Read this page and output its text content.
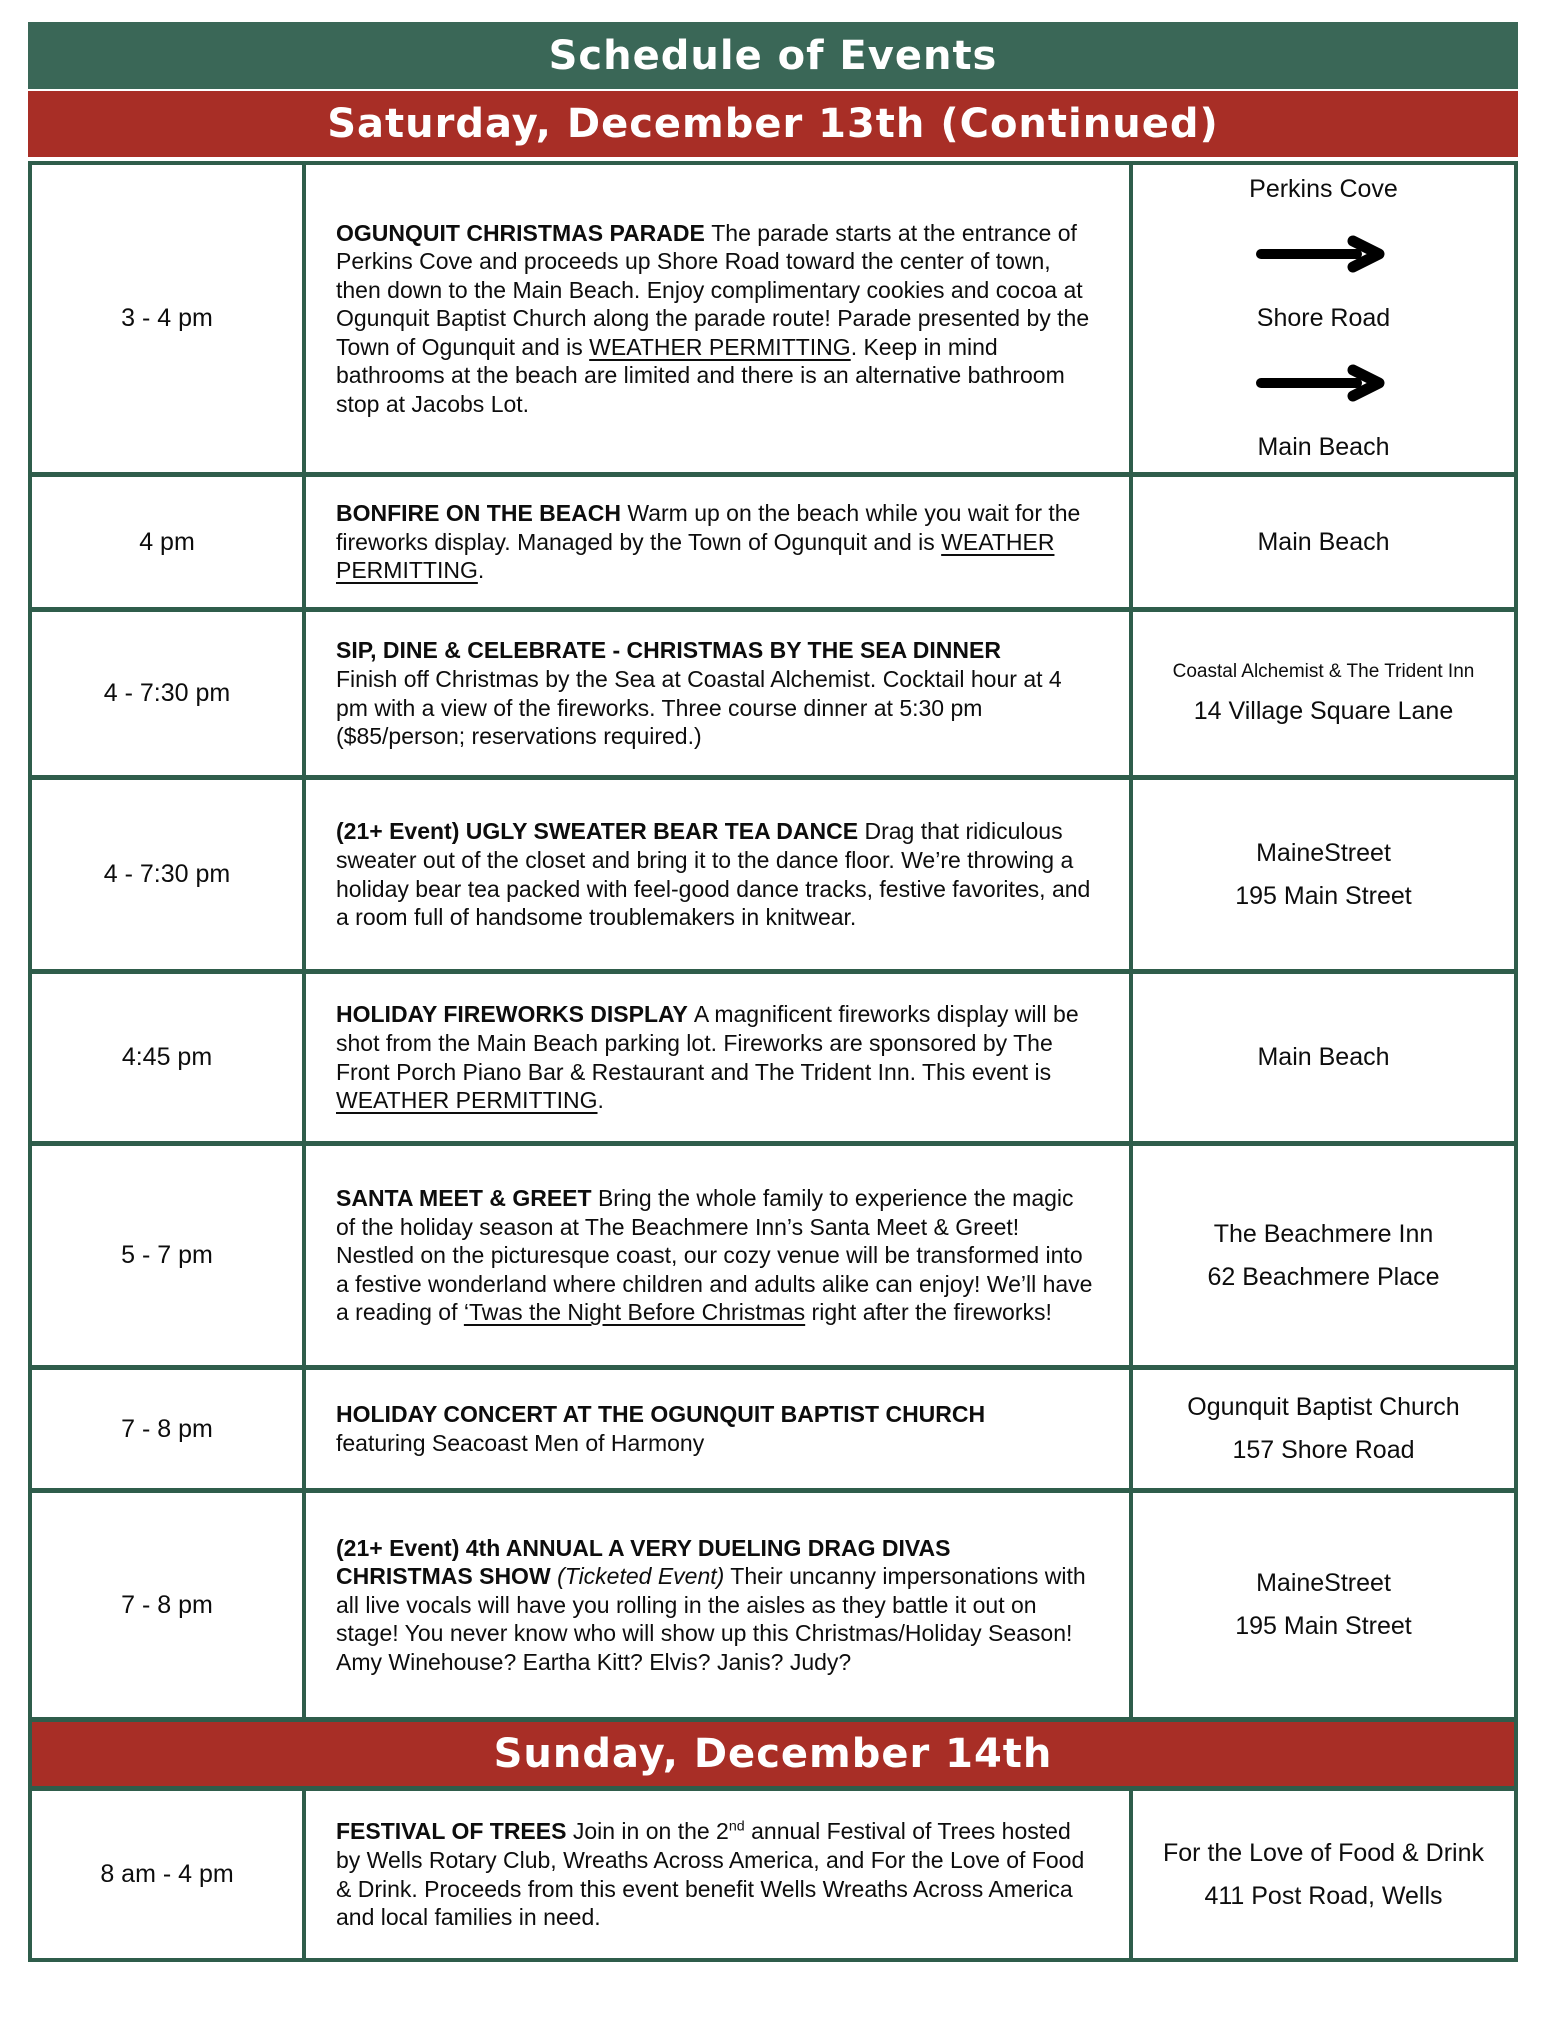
Schedule of Events
Saturday, December 13th (Continued)
3 - 4 pm
OGUNQUIT CHRISTMAS PARADE The parade starts at the entrance of Perkins Cove and proceeds up Shore Road toward the center of town, then down to the Main Beach. Enjoy complimentary cookies and cocoa at Ogunquit Baptist Church along the parade route! Parade presented by the Town of Ogunquit and is WEATHER PERMITTING. Keep in mind bathrooms at the beach are limited and there is an alternative bathroom stop at Jacobs Lot.
Perkins Cove
Shore Road
Main Beach
4 pm
BONFIRE ON THE BEACH Warm up on the beach while you wait for the fireworks display. Managed by the Town of Ogunquit and is WEATHER PERMITTING.
Main Beach
4 - 7:30 pm
SIP, DINE & CELEBRATE - CHRISTMAS BY THE SEA DINNER
Finish off Christmas by the Sea at Coastal Alchemist. Cocktail hour at 4 pm with a view of the fireworks. Three course dinner at 5:30 pm ($85/person; reservations required.)
Coastal Alchemist & The Trident Inn
14 Village Square Lane
4 - 7:30 pm
(21+ Event) UGLY SWEATER BEAR TEA DANCE Drag that ridiculous sweater out of the closet and bring it to the dance floor. We’re throwing a holiday bear tea packed with feel-good dance tracks, festive favorites, and a room full of handsome troublemakers in knitwear.
MaineStreet
195 Main Street
4:45 pm
HOLIDAY FIREWORKS DISPLAY A magnificent fireworks display will be shot from the Main Beach parking lot. Fireworks are sponsored by The Front Porch Piano Bar & Restaurant and The Trident Inn. This event is WEATHER PERMITTING.
Main Beach
5 - 7 pm
SANTA MEET & GREET Bring the whole family to experience the magic of the holiday season at The Beachmere Inn’s Santa Meet & Greet! Nestled on the picturesque coast, our cozy venue will be transformed into a festive wonderland where children and adults alike can enjoy! We’ll have a reading of ‘Twas the Night Before Christmas right after the fireworks!
The Beachmere Inn
62 Beachmere Place
7 - 8 pm
HOLIDAY CONCERT AT THE OGUNQUIT BAPTIST CHURCH
featuring Seacoast Men of Harmony
Ogunquit Baptist Church
157 Shore Road
7 - 8 pm
(21+ Event) 4th ANNUAL A VERY DUELING DRAG DIVAS CHRISTMAS SHOW (Ticketed Event) Their uncanny impersonations with all live vocals will have you rolling in the aisles as they battle it out on stage! You never know who will show up this Christmas/Holiday Season! Amy Winehouse? Eartha Kitt? Elvis? Janis? Judy?
MaineStreet
195 Main Street
Sunday, December 14th
8 am - 4 pm
FESTIVAL OF TREES Join in on the 2nd annual Festival of Trees hosted by Wells Rotary Club, Wreaths Across America, and For the Love of Food & Drink. Proceeds from this event benefit Wells Wreaths Across America and local families in need.
For the Love of Food & Drink
411 Post Road, Wells
